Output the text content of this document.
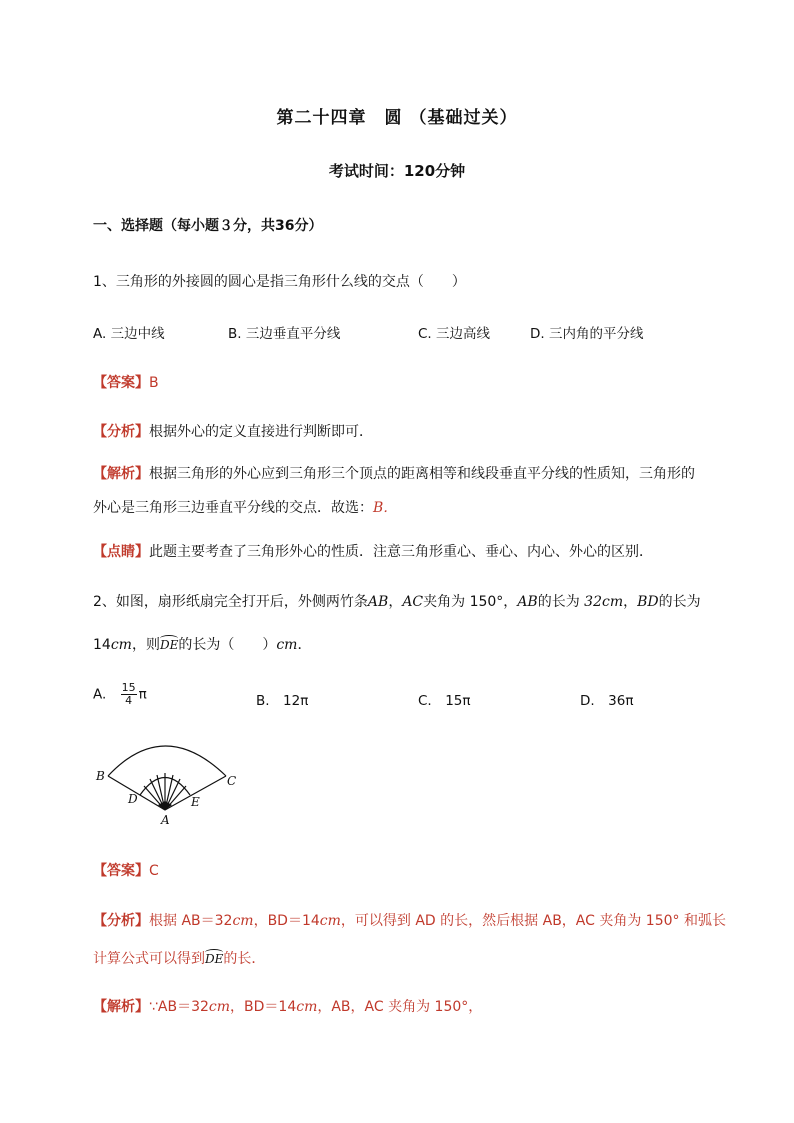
第二十四章　圆 （基础过关）
考试时间：120分钟
一、选择题（每小题３分，共36分）
1、三角形的外接圆的圆心是指三角形什么线的交点（　　）
A. 三边中线	B. 三边垂直平分线	C. 三边高线	D. 三内角的平分线
【答案】B
【分析】根据外心的定义直接进行判断即可．
【解析】根据三角形的外心应到三角形三个顶点的距离相等和线段垂直平分线的性质知，三角形的外心是三角形三边垂直平分线的交点．故选：B．
【点睛】此题主要考查了三角形外心的性质．注意三角形重心、垂心、内心、外心的区别．
2、如图，扇形纸扇完全打开后，外侧两竹条AB，AC夹角为 150°，AB的长为 32cm，BD的长为
14cm，则DE的长为（　　）cm．
A. $\frac{15}{4}$ π	B.　12π	C.　15π	D.　36π
B	C
D	E
A
【答案】C
【分析】根据 AB＝32cm，BD＝14cm，可以得到 AD 的长，然后根据 AB，AC 夹角为 150° 和弧长
计算公式可以得到DE的长．
【解析】∵AB＝32cm，BD＝14cm，AB，AC 夹角为 150°，
